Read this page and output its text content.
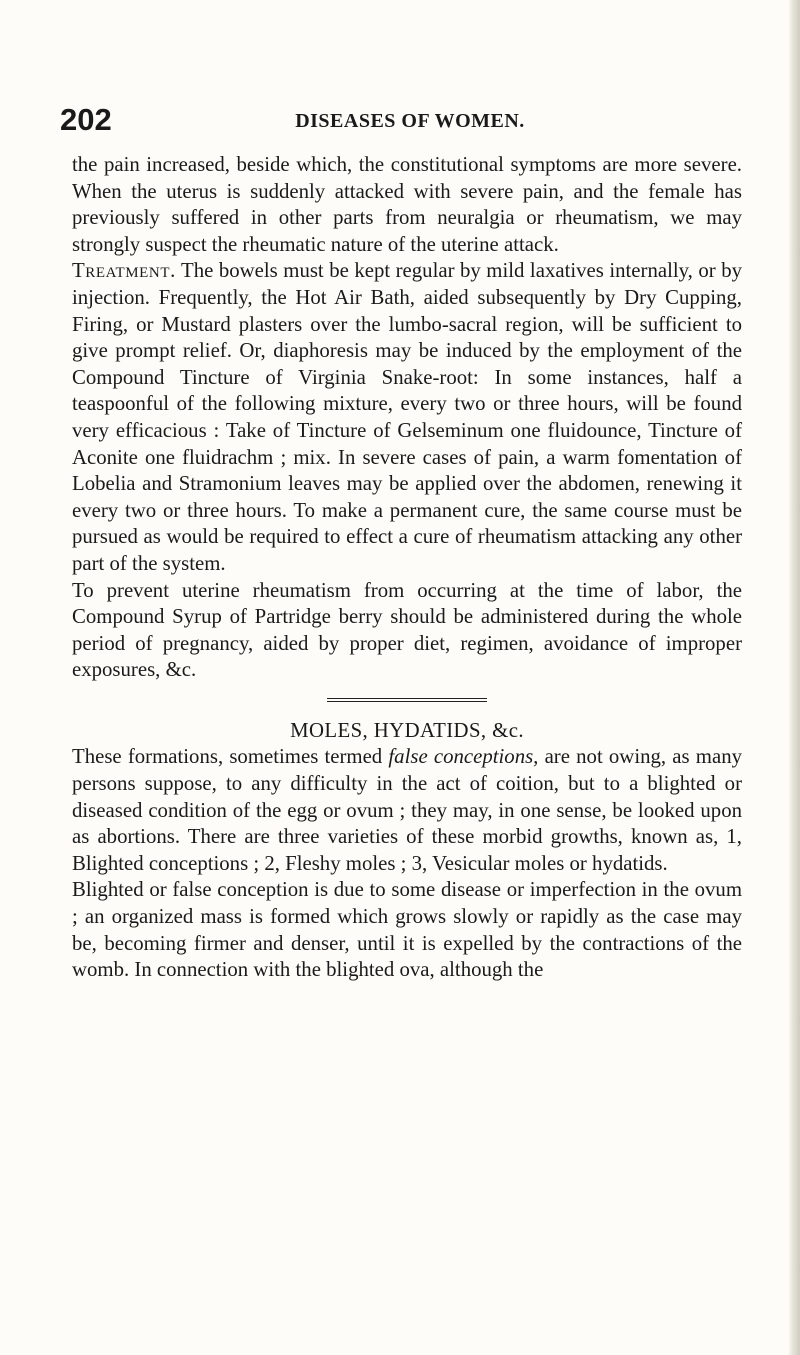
202	DISEASES OF WOMEN.

the pain increased, beside which, the constitutional symptoms are more severe. When the uterus is suddenly attacked with severe pain, and the female has previously suffered in other parts from neuralgia or rheumatism, we may strongly suspect the rheumatic nature of the uterine attack.

Treatment. The bowels must be kept regular by mild laxatives internally, or by injection. Frequently, the Hot Air Bath, aided subsequently by Dry Cupping, Firing, or Mustard plasters over the lumbo-sacral region, will be sufficient to give prompt relief. Or, diaphoresis may be induced by the employment of the Compound Tincture of Virginia Snake-root: In some instances, half a teaspoonful of the following mixture, every two or three hours, will be found very efficacious : Take of Tincture of Gelseminum one fluidounce, Tincture of Aconite one fluidrachm ; mix. In severe cases of pain, a warm fomentation of Lobelia and Stramonium leaves may be applied over the abdomen, renewing it every two or three hours. To make a permanent cure, the same course must be pursued as would be required to effect a cure of rheumatism attacking any other part of the system.

To prevent uterine rheumatism from occurring at the time of labor, the Compound Syrup of Partridge berry should be administered during the whole period of pregnancy, aided by proper diet, regimen, avoidance of improper exposures, &c.

MOLES, HYDATIDS, &c.

These formations, sometimes termed false conceptions, are not owing, as many persons suppose, to any difficulty in the act of coition, but to a blighted or diseased condition of the egg or ovum ; they may, in one sense, be looked upon as abortions. There are three varieties of these morbid growths, known as, 1, Blighted conceptions ; 2, Fleshy moles ; 3, Vesicular moles or hydatids.

Blighted or false conception is due to some disease or imperfection in the ovum ; an organized mass is formed which grows slowly or rapidly as the case may be, becoming firmer and denser, until it is expelled by the contractions of the womb. In connection with the blighted ova, although the
